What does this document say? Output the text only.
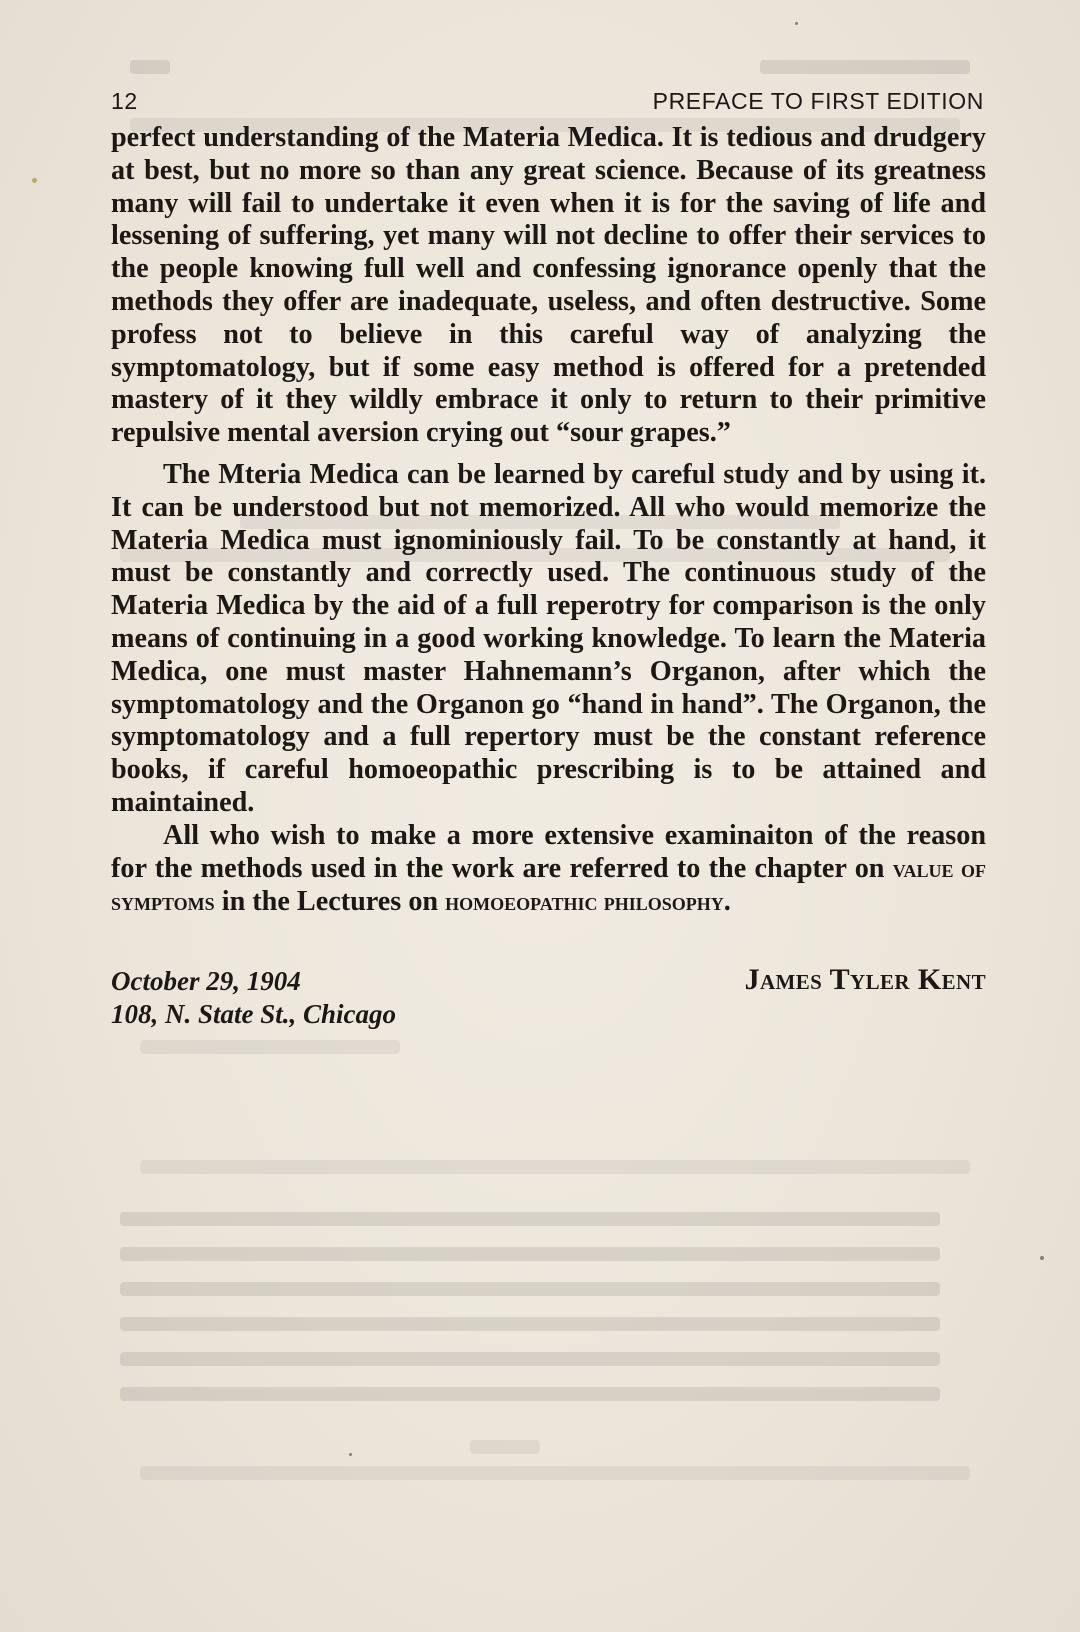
12	PREFACE TO FIRST EDITION

perfect understanding of the Materia Medica. It is tedious and drudgery at best, but no more so than any great science. Because of its greatness many will fail to undertake it even when it is for the saving of life and lessening of suffering, yet many will not decline to offer their services to the people knowing full well and confessing ignorance openly that the methods they offer are inadequate, useless, and often destructive. Some profess not to believe in this careful way of analyzing the symptomatology, but if some easy method is offered for a pretended mastery of it they wildly embrace it only to return to their primitive repulsive mental aversion crying out “sour grapes.”

The Mteria Medica can be learned by careful study and by using it. It can be understood but not memorized. All who would memorize the Materia Medica must ignominiously fail. To be constantly at hand, it must be constantly and correctly used. The continuous study of the Materia Medica by the aid of a full reperotry for comparison is the only means of continuing in a good working knowledge. To learn the Materia Medica, one must master Hahnemann’s Organon, after which the symptomatology and the Organon go “hand in hand”. The Organon, the symptomatology and a full repertory must be the constant reference books, if careful homoeopathic prescribing is to be attained and maintained.

All who wish to make a more extensive examinaiton of the reason for the methods used in the work are referred to the chapter on value of symptoms in the Lectures on homoeopathic philosophy.

October 29, 1904
108, N. State St., Chicago
James Tyler Kent
